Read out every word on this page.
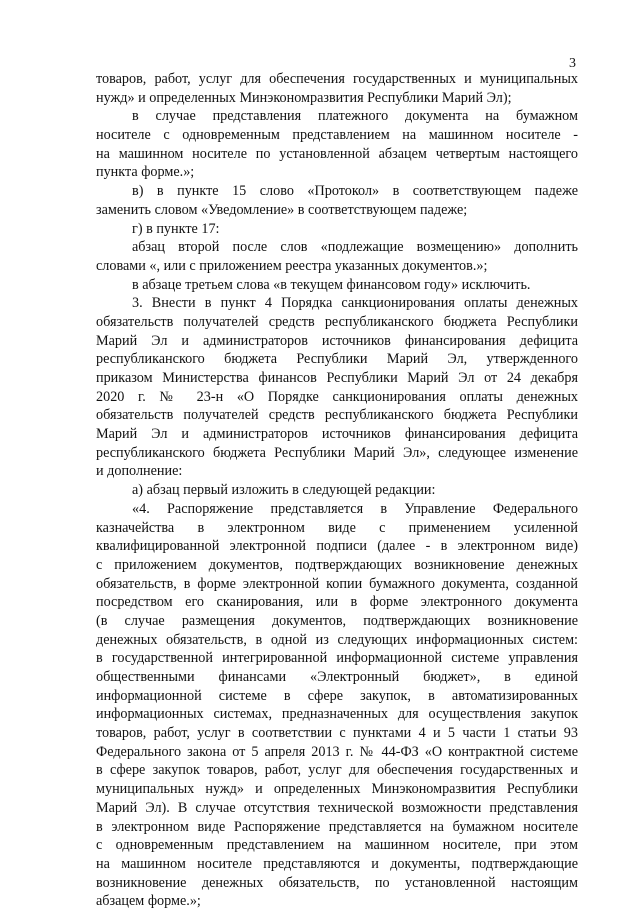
3
товаров, работ, услуг для обеспечения государственных и муниципальных
нужд» и определенных Минэкономразвития Республики Марий Эл);
в случае представления платежного документа на бумажном
носителе с одновременным представлением на машинном носителе -
на машинном носителе по установленной абзацем четвертым настоящего
пункта форме.»;
в) в пункте 15 слово «Протокол» в соответствующем падеже
заменить словом «Уведомление» в соответствующем падеже;
г) в пункте 17:
абзац второй после слов «подлежащие возмещению» дополнить
словами «, или с приложением реестра указанных документов.»;
в абзаце третьем слова «в текущем финансовом году» исключить.
3. Внести в пункт 4 Порядка санкционирования оплаты денежных
обязательств получателей средств республиканского бюджета Республики
Марий Эл и администраторов источников финансирования дефицита
республиканского бюджета Республики Марий Эл, утвержденного
приказом Министерства финансов Республики Марий Эл от 24 декабря
2020 г. № 23-н «О Порядке санкционирования оплаты денежных
обязательств получателей средств республиканского бюджета Республики
Марий Эл и администраторов источников финансирования дефицита
республиканского бюджета Республики Марий Эл», следующее изменение
и дополнение:
а) абзац первый изложить в следующей редакции:
«4. Распоряжение представляется в Управление Федерального
казначейства в электронном виде с применением усиленной
квалифицированной электронной подписи (далее - в электронном виде)
с приложением документов, подтверждающих возникновение денежных
обязательств, в форме электронной копии бумажного документа, созданной
посредством его сканирования, или в форме электронного документа
(в случае размещения документов, подтверждающих возникновение
денежных обязательств, в одной из следующих информационных систем:
в государственной интегрированной информационной системе управления
общественными финансами «Электронный бюджет», в единой
информационной системе в сфере закупок, в автоматизированных
информационных системах, предназначенных для осуществления закупок
товаров, работ, услуг в соответствии с пунктами 4 и 5 части 1 статьи 93
Федерального закона от 5 апреля 2013 г. № 44-ФЗ «О контрактной системе
в сфере закупок товаров, работ, услуг для обеспечения государственных и
муниципальных нужд» и определенных Минэкономразвития Республики
Марий Эл). В случае отсутствия технической возможности представления
в электронном виде Распоряжение представляется на бумажном носителе
с одновременным представлением на машинном носителе, при этом
на машинном носителе представляются и документы, подтверждающие
возникновение денежных обязательств, по установленной настоящим
абзацем форме.»;
